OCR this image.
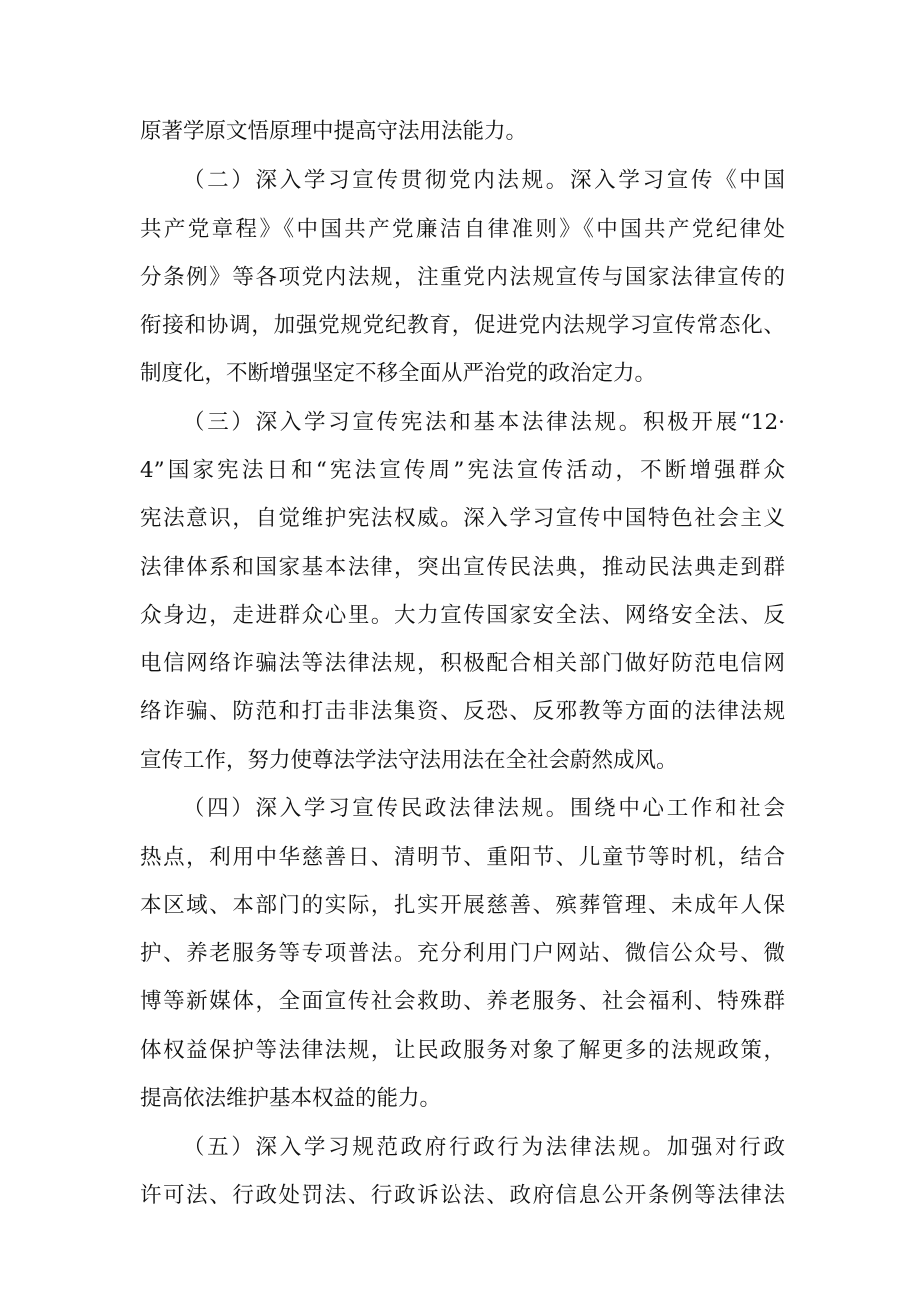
原著学原文悟原理中提高守法用法能力。
（二）深入学习宣传贯彻党内法规。深入学习宣传《中国
共产党章程》《中国共产党廉洁自律准则》《中国共产党纪律处
分条例》等各项党内法规，注重党内法规宣传与国家法律宣传的
衔接和协调，加强党规党纪教育，促进党内法规学习宣传常态化、
制度化，不断增强坚定不移全面从严治党的政治定力。
（三）深入学习宣传宪法和基本法律法规。积极开展“12·
4”国家宪法日和“宪法宣传周”宪法宣传活动，不断增强群众
宪法意识，自觉维护宪法权威。深入学习宣传中国特色社会主义
法律体系和国家基本法律，突出宣传民法典，推动民法典走到群
众身边，走进群众心里。大力宣传国家安全法、网络安全法、反
电信网络诈骗法等法律法规，积极配合相关部门做好防范电信网
络诈骗、防范和打击非法集资、反恐、反邪教等方面的法律法规
宣传工作，努力使尊法学法守法用法在全社会蔚然成风。
（四）深入学习宣传民政法律法规。围绕中心工作和社会
热点，利用中华慈善日、清明节、重阳节、儿童节等时机，结合
本区域、本部门的实际，扎实开展慈善、殡葬管理、未成年人保
护、养老服务等专项普法。充分利用门户网站、微信公众号、微
博等新媒体，全面宣传社会救助、养老服务、社会福利、特殊群
体权益保护等法律法规，让民政服务对象了解更多的法规政策，
提高依法维护基本权益的能力。
（五）深入学习规范政府行政行为法律法规。加强对行政
许可法、行政处罚法、行政诉讼法、政府信息公开条例等法律法
